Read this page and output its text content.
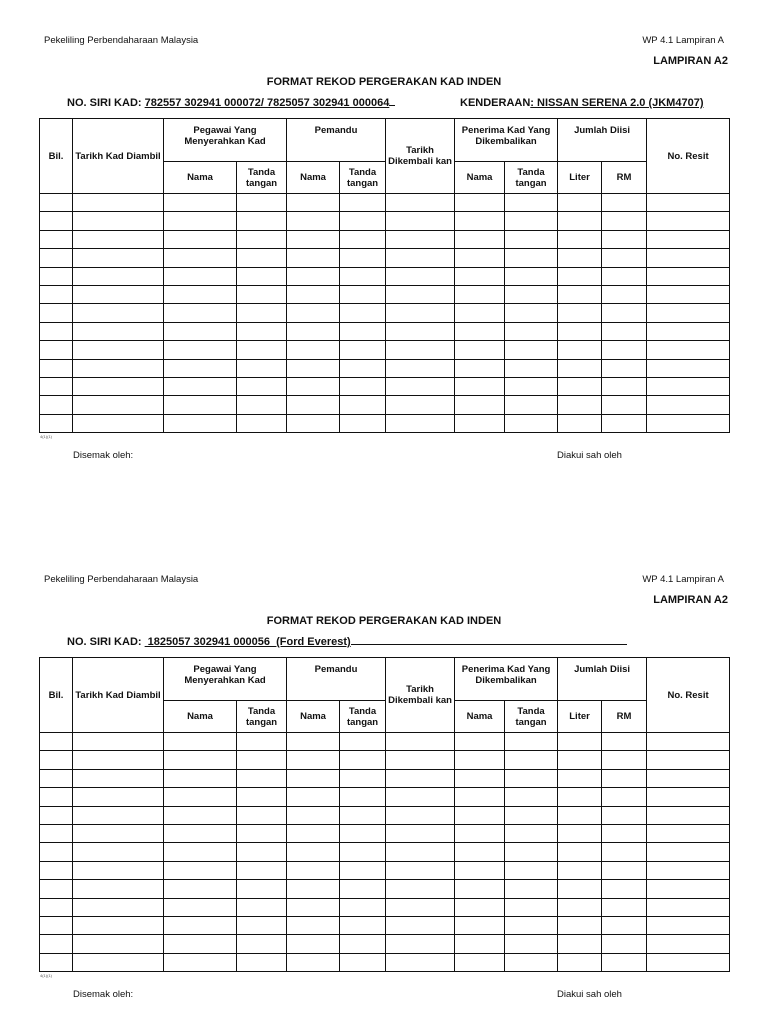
Pekeliling Perbendaharaan Malaysia	WP 4.1 Lampiran A
LAMPIRAN A2
FORMAT REKOD PERGERAKAN KAD INDEN
NO. SIRI KAD: 782557 302941 000072/ 7825057 302941 000064	KENDERAAN: NISSAN SERENA 2.0 (JKM4707)
Bil.	Tarikh Kad Diambil	Pegawai Yang Menyerahkan Kad		Pemandu		Tarikh Dikembali kan	Penerima Kad Yang Dikembalikan		Jumlah Diisi		No. Resit
		Nama	Tanda tangan	Nama	Tanda tangan		Nama	Tanda tangan	Liter	RM	

4(1)(1)
Disemak oleh:	Diakui sah oleh
Pekeliling Perbendaharaan Malaysia	WP 4.1 Lampiran A
LAMPIRAN A2
FORMAT REKOD PERGERAKAN KAD INDEN
NO. SIRI KAD:  1825057 302941 000056  (Ford Everest)
Bil.	Tarikh Kad Diambil	Pegawai Yang Menyerahkan Kad		Pemandu		Tarikh Dikembali kan	Penerima Kad Yang Dikembalikan		Jumlah Diisi		No. Resit
		Nama	Tanda tangan	Nama	Tanda tangan		Nama	Tanda tangan	Liter	RM	

4(1)(1)
Disemak oleh:	Diakui sah oleh
